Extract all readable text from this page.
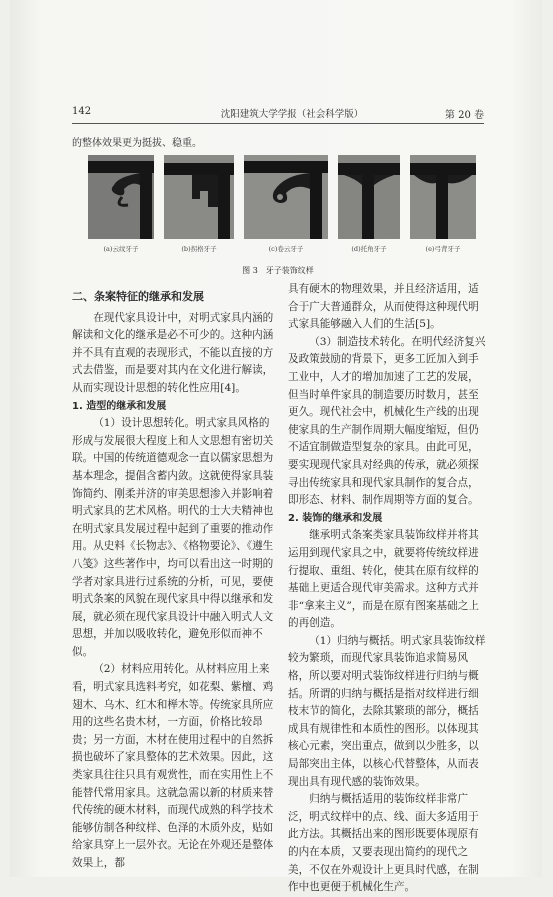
142	沈阳建筑大学学报（社会科学版）	第 20 卷
的整体效果更为挺拔、稳重。
(a)云纹牙子	(b)拐格牙子	(c)卷云牙子	(d)托角牙子	(e)弓背牙子
图 3　牙子装饰纹样
二、条案特征的继承和发展

在现代家具设计中，对明式家具内涵的解读和文化的继承是必不可少的。这种内涵并不具有直观的表现形式，不能以直接的方式去借鉴，而是要对其内在文化进行解读，从而实现设计思想的转化性应用[4]。

1. 造型的继承和发展

（1）设计思想转化。明式家具风格的形成与发展很大程度上和人文思想有密切关联。中国的传统道德观念一直以儒家思想为基本理念，提倡含蓄内敛。这就使得家具装饰简约、刚柔并济的审美思想渗入并影响着明式家具的艺术风格。明代的士大夫精神也在明式家具发展过程中起到了重要的推动作用。从史料《长物志》、《格物要论》、《遵生八笺》这些著作中，均可以看出这一时期的学者对家具进行过系统的分析，可见，要使明式条案的风貌在现代家具中得以继承和发展，就必须在现代家具设计中融入明式人文思想，并加以吸收转化，避免形似而神不似。

（2）材料应用转化。从材料应用上来看，明式家具选料考究，如花梨、紫檀、鸡翅木、乌木、红木和榉木等。传统家具所应用的这些名贵木材，一方面，价格比较昂贵；另一方面，木材在使用过程中的自然拆损也破坏了家具整体的艺术效果。因此，这类家具往往只具有观赏性，而在实用性上不能替代常用家具。这就急需以新的材质来替代传统的硬木材料，而现代成熟的科学技术能够仿制各种纹样、色泽的木质外皮，贴如给家具穿上一层外衣。无论在外观还是整体效果上，都

具有硬木的物理效果，并且经济适用，适合于广大普通群众，从而使得这种现代明式家具能够融入人们的生活[5]。

（3）制造技术转化。在明代经济复兴及政策鼓励的背景下，更多工匠加入到手工业中，人才的增加加速了工艺的发展，但当时单件家具的制造要历时数月，甚至更久。现代社会中，机械化生产线的出现使家具的生产制作周期大幅度缩短，但仍不适宜制做造型复杂的家具。由此可见，要实现现代家具对经典的传承，就必须探寻出传统家具和现代家具制作的复合点，即形态、材料、制作周期等方面的复合。

2. 装饰的继承和发展

继承明式条案类家具装饰纹样并将其运用到现代家具之中，就要将传统纹样进行提取、重组、转化，使其在原有纹样的基础上更适合现代审美需求。这种方式并非“拿来主义”，而是在原有图案基础之上的再创造。

（1）归纳与概括。明式家具装饰纹样较为繁琐，而现代家具装饰追求简易风格，所以要对明式装饰纹样进行归纳与概括。所谓的归纳与概括是指对纹样进行细枝末节的简化，去除其繁琐的部分，概括成具有规律性和本质性的图形。以体现其核心元素，突出重点，做到以少胜多，以局部突出主体，以核心代替整体，从而表现出具有现代感的装饰效果。

归纳与概括适用的装饰纹样非常广泛，明式纹样中的点、线、面大多适用于此方法。其概括出来的图形既要体现原有的内在本质，又要表现出简约的现代之美，不仅在外观设计上更具时代感，在制作中也更便于机械化生产。
